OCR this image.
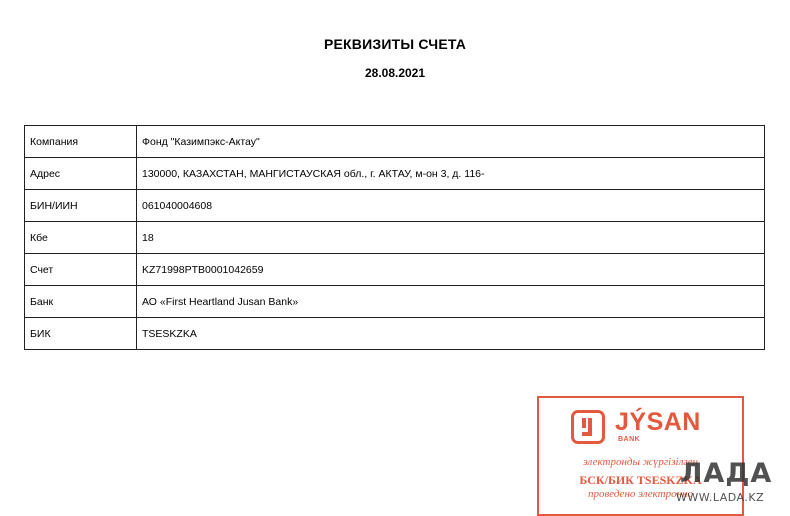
РЕКВИЗИТЫ СЧЕТА
28.08.2021
Компания	Фонд "Казимпэкс-Актау"
Адрес	130000, КАЗАХСТАН, МАНГИСТАУСКАЯ обл., г. АКТАУ, м-он 3, д. 116-
БИН/ИИН	061040004608
Кбе	18
Счет	KZ71998PTB0001042659
Банк	АО «First Heartland Jusan Bank»
БИК	TSESKZKA
JÝSAN
BANK
электронды жүргізілген
БСК/БИК TSESKZKA
проведено электронно
ЛАДА
WWW.LADA.KZ
